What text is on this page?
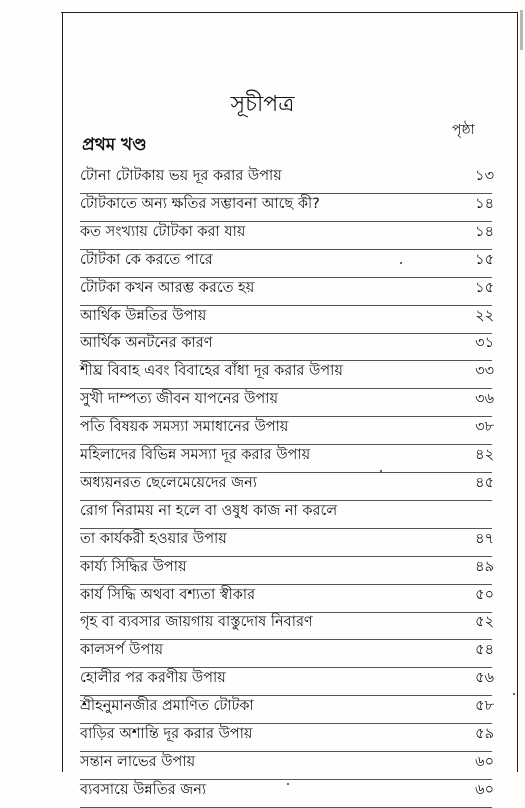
সূচীপত্র
পৃষ্ঠা
প্রথম খণ্ড
টোনা টোটকায় ভয় দূর করার উপায়	১৩
টোটকাতে অন্য ক্ষতির সম্ভাবনা আছে কী?	১৪
কত সংখ্যায় টোটকা করা যায়	১৪
টোটকা কে করতে পারে	১৫
টোটকা কখন আরম্ভ করতে হয়	১৫
আর্থিক উন্নতির উপায়	২২
আর্থিক অনটনের কারণ	৩১
শীঘ্র বিবাহ এবং বিবাহের বাঁধা দূর করার উপায়	৩৩
সুখী দাম্পত্য জীবন যাপনের উপায়	৩৬
পতি বিষয়ক সমস্যা সমাধানের উপায়	৩৮
মহিলাদের বিভিন্ন সমস্যা দূর করার উপায়	৪২
অধ্যয়নরত ছেলেমেয়েদের জন্য	৪৫
রোগ নিরাময় না হলে বা ওষুধ কাজ না করলে
তা কার্যকরী হওয়ার উপায়	৪৭
কার্য্য সিদ্ধির উপায়	৪৯
কার্য সিদ্ধি অথবা বশ্যতা স্বীকার	৫০
গৃহ বা ব্যবসার জায়গায় বাস্তুদোষ নিবারণ	৫২
কালসর্প উপায়	৫৪
হোলীর পর করণীয় উপায়	৫৬
শ্রীহনুমানজীর প্রমাণিত টোটকা	৫৮
বাড়ির অশান্তি দূর করার উপায়	৫৯
সন্তান লাভের উপায়	৬০
ব্যবসায়ে উন্নতির জন্য	৬০
